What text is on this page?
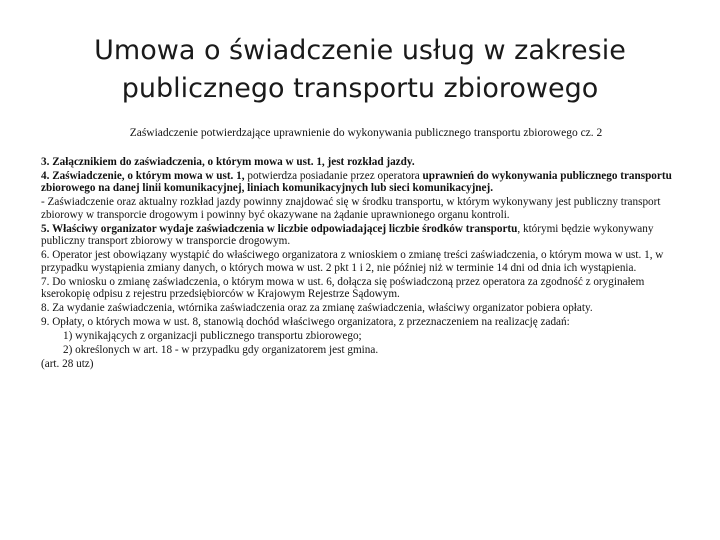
Umowa o świadczenie usług w zakresie
publicznego transportu zbiorowego
Zaświadczenie potwierdzające uprawnienie do wykonywania publicznego transportu zbiorowego cz. 2
3. Załącznikiem do zaświadczenia, o którym mowa w ust. 1, jest rozkład jazdy.
4. Zaświadczenie, o którym mowa w ust. 1, potwierdza posiadanie przez operatora uprawnień do wykonywania publicznego transportu zbiorowego na danej linii komunikacyjnej, liniach komunikacyjnych lub sieci komunikacyjnej.
- Zaświadczenie oraz aktualny rozkład jazdy powinny znajdować się w środku transportu, w którym wykonywany jest publiczny transport zbiorowy w transporcie drogowym i powinny być okazywane na żądanie uprawnionego organu kontroli.
5. Właściwy organizator wydaje zaświadczenia w liczbie odpowiadającej liczbie środków transportu, którymi będzie wykonywany publiczny transport zbiorowy w transporcie drogowym.
6. Operator jest obowiązany wystąpić do właściwego organizatora z wnioskiem o zmianę treści zaświadczenia, o którym mowa w ust. 1, w przypadku wystąpienia zmiany danych, o których mowa w ust. 2 pkt 1 i 2, nie później niż w terminie 14 dni od dnia ich wystąpienia.
7. Do wniosku o zmianę zaświadczenia, o którym mowa w ust. 6, dołącza się poświadczoną przez operatora za zgodność z oryginałem kserokopię odpisu z rejestru przedsiębiorców w Krajowym Rejestrze Sądowym.
8. Za wydanie zaświadczenia, wtórnika zaświadczenia oraz za zmianę zaświadczenia, właściwy organizator pobiera opłaty.
9. Opłaty, o których mowa w ust. 8, stanowią dochód właściwego organizatora, z przeznaczeniem na realizację zadań:
1) wynikających z organizacji publicznego transportu zbiorowego;
2) określonych w art. 18 - w przypadku gdy organizatorem jest gmina.
(art. 28 utz)
